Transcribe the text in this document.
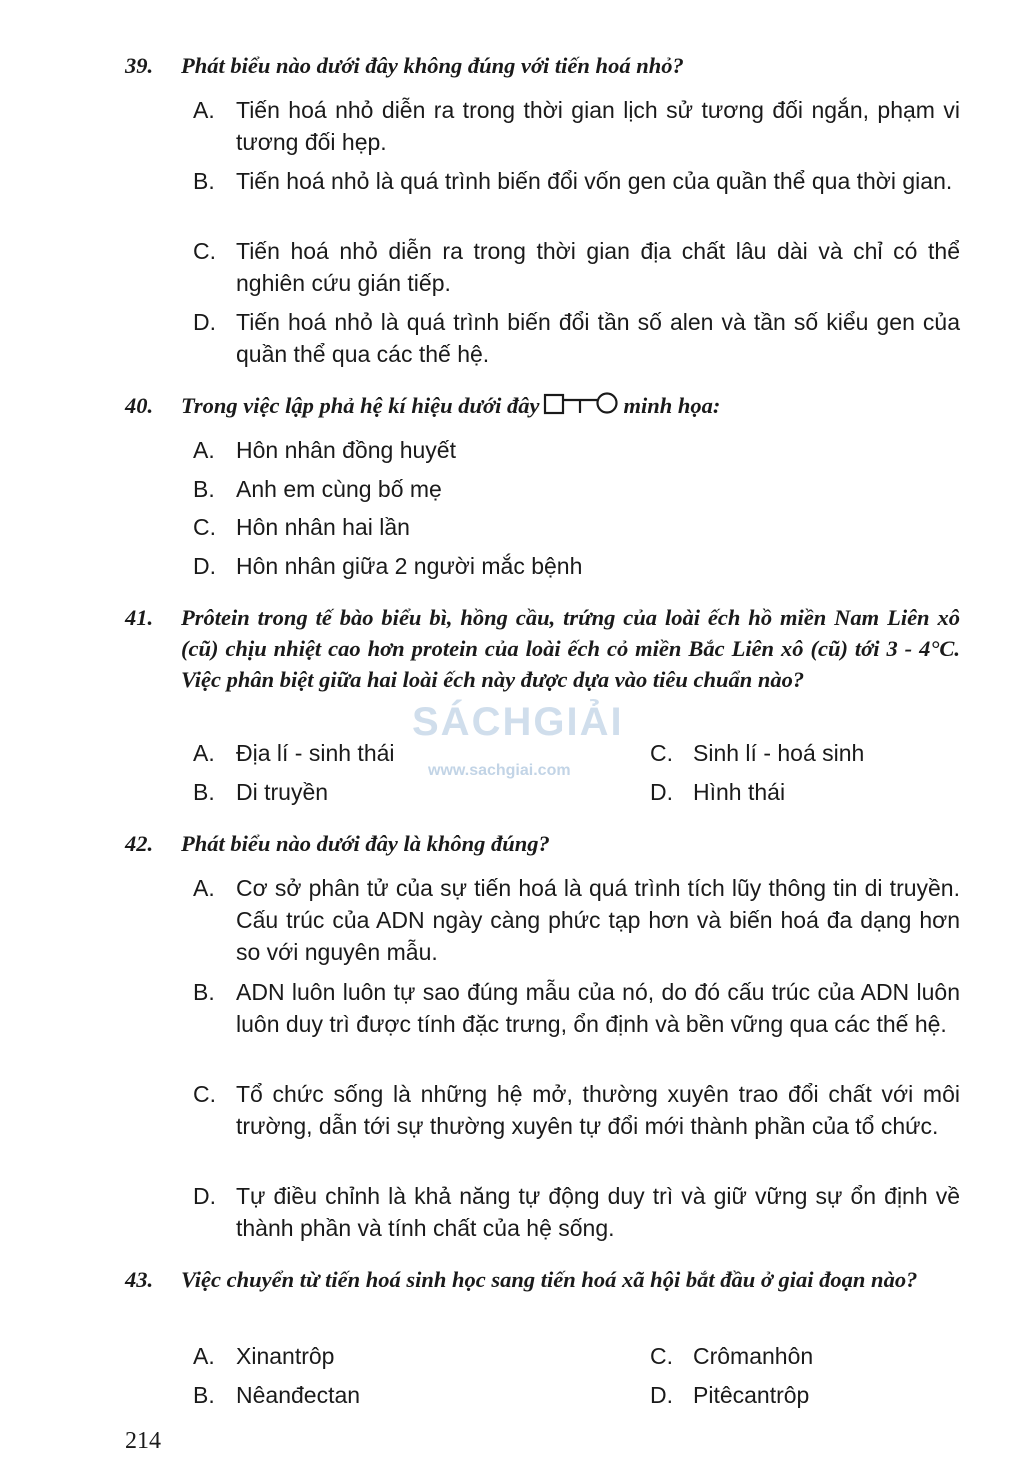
39.	Phát biểu nào dưới đây không đúng với tiến hoá nhỏ?
A. Tiến hoá nhỏ diễn ra trong thời gian lịch sử tương đối ngắn, phạm vi tương đối hẹp.
B. Tiến hoá nhỏ là quá trình biến đổi vốn gen của quần thể qua thời gian.
C. Tiến hoá nhỏ diễn ra trong thời gian địa chất lâu dài và chỉ có thể nghiên cứu gián tiếp.
D. Tiến hoá nhỏ là quá trình biến đổi tần số alen và tần số kiểu gen của quần thể qua các thế hệ.
40.	Trong việc lập phả hệ kí hiệu dưới đây	minh họa:
A. Hôn nhân đồng huyết
B. Anh em cùng bố mẹ
C. Hôn nhân hai lần
D. Hôn nhân giữa 2 người mắc bệnh
41.	Prôtein trong tế bào biểu bì, hồng cầu, trứng của loài ếch hồ miền Nam Liên xô (cũ) chịu nhiệt cao hơn protein của loài ếch cỏ miền Bắc Liên xô (cũ) tới 3 - 4°C. Việc phân biệt giữa hai loài ếch này được dựa vào tiêu chuẩn nào?
A. Địa lí - sinh thái	C. Sinh lí - hoá sinh
B. Di truyền	D. Hình thái
SÁCHGIẢI
www.sachgiai.com
42.	Phát biểu nào dưới đây là không đúng?
A. Cơ sở phân tử của sự tiến hoá là quá trình tích lũy thông tin di truyền. Cấu trúc của ADN ngày càng phức tạp hơn và biến hoá đa dạng hơn so với nguyên mẫu.
B. ADN luôn luôn tự sao đúng mẫu của nó, do đó cấu trúc của ADN luôn luôn duy trì được tính đặc trưng, ổn định và bền vững qua các thế hệ.
C. Tổ chức sống là những hệ mở, thường xuyên trao đổi chất với môi trường, dẫn tới sự thường xuyên tự đổi mới thành phần của tổ chức.
D. Tự điều chỉnh là khả năng tự động duy trì và giữ vững sự ổn định về thành phần và tính chất của hệ sống.
43.	Việc chuyển từ tiến hoá sinh học sang tiến hoá xã hội bắt đầu ở giai đoạn nào?
A. Xinantrôp	C. Crômanhôn
B. Nêanđectan	D. Pitêcantrôp
214
